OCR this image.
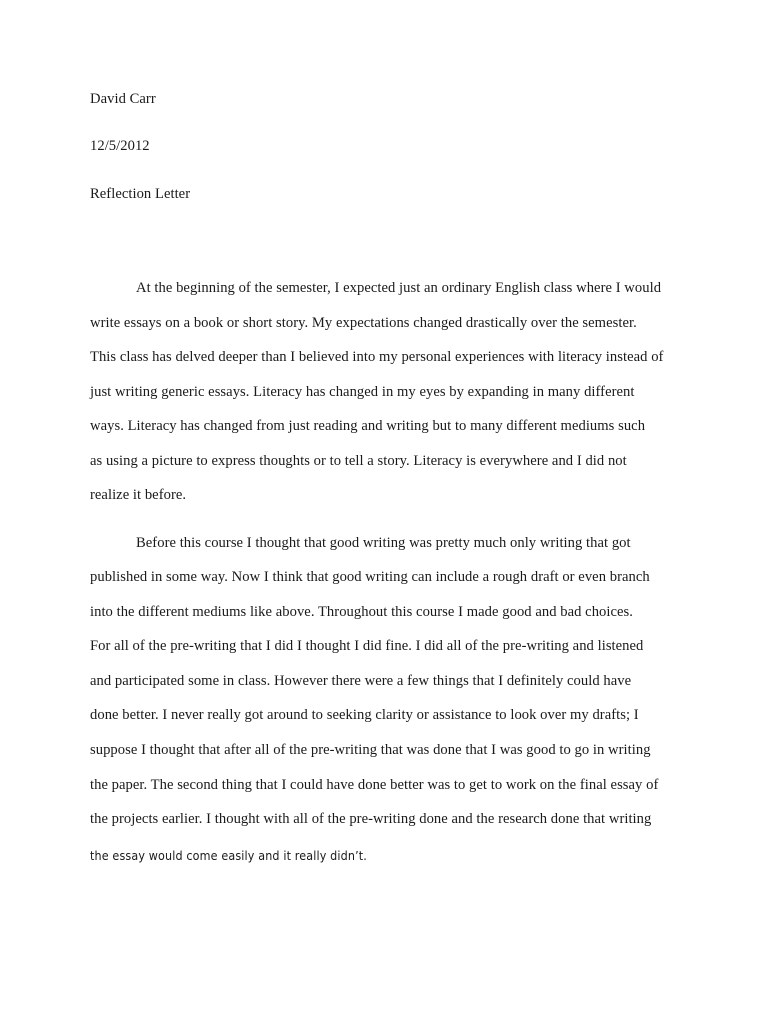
David Carr
12/5/2012
Reflection Letter
At the beginning of the semester, I expected just an ordinary English class where I would
write essays on a book or short story. My expectations changed drastically over the semester.
This class has delved deeper than I believed into my personal experiences with literacy instead of
just writing generic essays. Literacy has changed in my eyes by expanding in many different
ways. Literacy has changed from just reading and writing but to many different mediums such
as using a picture to express thoughts or to tell a story. Literacy is everywhere and I did not
realize it before.
Before this course I thought that good writing was pretty much only writing that got
published in some way. Now I think that good writing can include a rough draft or even branch
into the different mediums like above. Throughout this course I made good and bad choices.
For all of the pre-writing that I did I thought I did fine. I did all of the pre-writing and listened
and participated some in class. However there were a few things that I definitely could have
done better. I never really got around to seeking clarity or assistance to look over my drafts; I
suppose I thought that after all of the pre-writing that was done that I was good to go in writing
the paper. The second thing that I could have done better was to get to work on the final essay of
the projects earlier. I thought with all of the pre-writing done and the research done that writing
the essay would come easily and it really didn’t.
